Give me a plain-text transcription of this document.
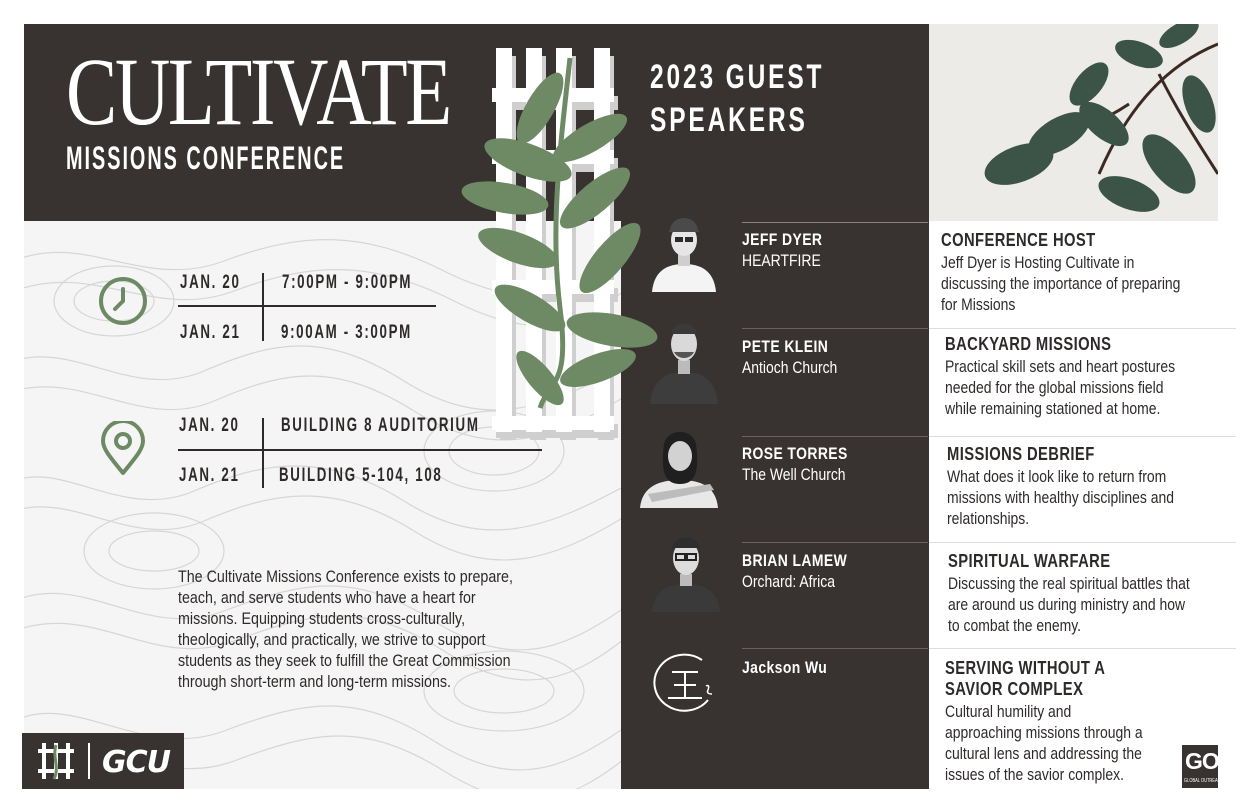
CULTIVATE
MISSIONS CONFERENCE
JAN. 20 7:00PM - 9:00PM
JAN. 21 9:00AM - 3:00PM
JAN. 20 BUILDING 8 AUDITORIUM
JAN. 21 BUILDING 5-104, 108
The Cultivate Missions Conference exists to prepare,
teach, and serve students who have a heart for
missions. Equipping students cross-culturally,
theologically, and practically, we strive to support
students as they seek to fulfill the Great Commission
through short-term and long-term missions.
2023 GUEST
SPEAKERS
JEFF DYER
HEARTFIRE
PETE KLEIN
Antioch Church
ROSE TORRES
The Well Church
BRIAN LAMEW
Orchard: Africa
Jackson Wu
CONFERENCE HOST
Jeff Dyer is Hosting Cultivate in
discussing the importance of preparing
for Missions
BACKYARD MISSIONS
Practical skill sets and heart postures
needed for the global missions field
while remaining stationed at home.
MISSIONS DEBRIEF
What does it look like to return from
missions with healthy disciplines and
relationships.
SPIRITUAL WARFARE
Discussing the real spiritual battles that
are around us during ministry and how
to combat the enemy.
SERVING WITHOUT A
SAVIOR COMPLEX
Cultural humility and
approaching missions through a
cultural lens and addressing the
issues of the savior complex.
GCU	GO
GLOBAL OUTREACH
